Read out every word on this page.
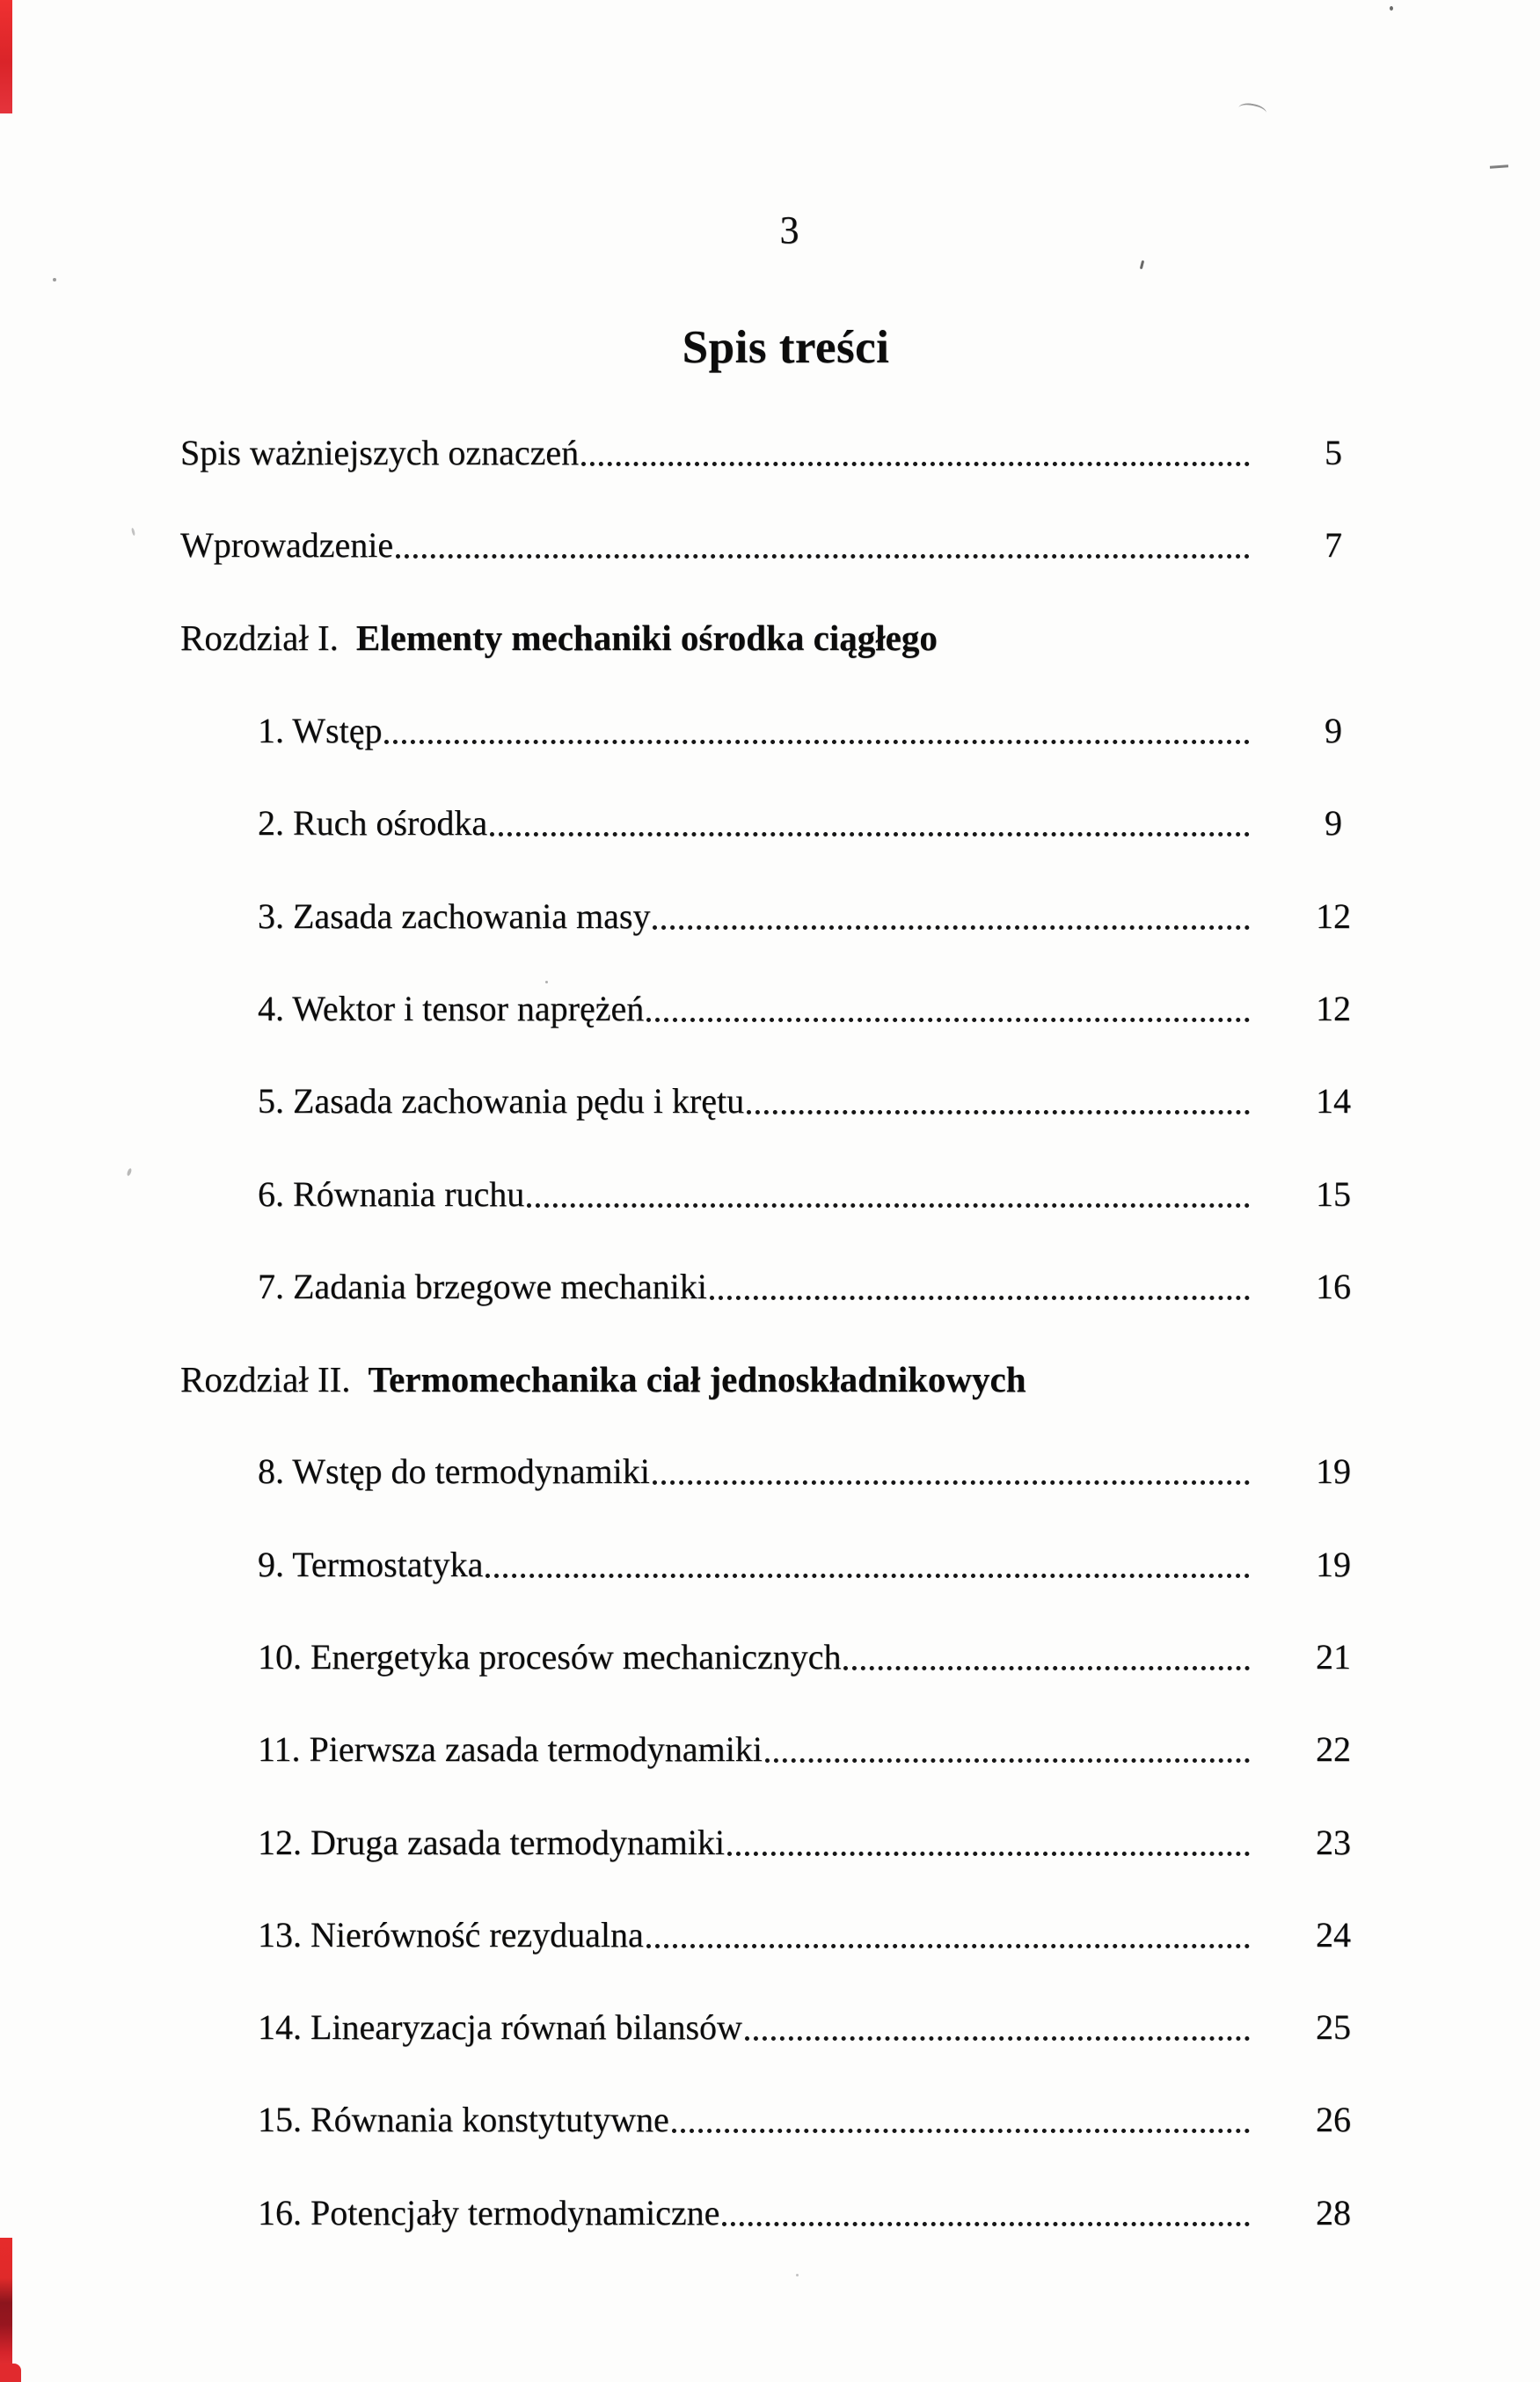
3
Spis treści
Spis ważniejszych oznaczeń	5
Wprowadzenie	7
Rozdział I. Elementy mechaniki ośrodka ciągłego
1. Wstęp	9
2. Ruch ośrodka	9
3. Zasada zachowania masy	12
4. Wektor i tensor naprężeń	12
5. Zasada zachowania pędu i krętu	14
6. Równania ruchu	15
7. Zadania brzegowe mechaniki	16
Rozdział II. Termomechanika ciał jednoskładnikowych
8. Wstęp do termodynamiki	19
9. Termostatyka	19
10. Energetyka procesów mechanicznych	21
11. Pierwsza zasada termodynamiki	22
12. Druga zasada termodynamiki	23
13. Nierówność rezydualna	24
14. Linearyzacja równań bilansów	25
15. Równania konstytutywne	26
16. Potencjały termodynamiczne	28
